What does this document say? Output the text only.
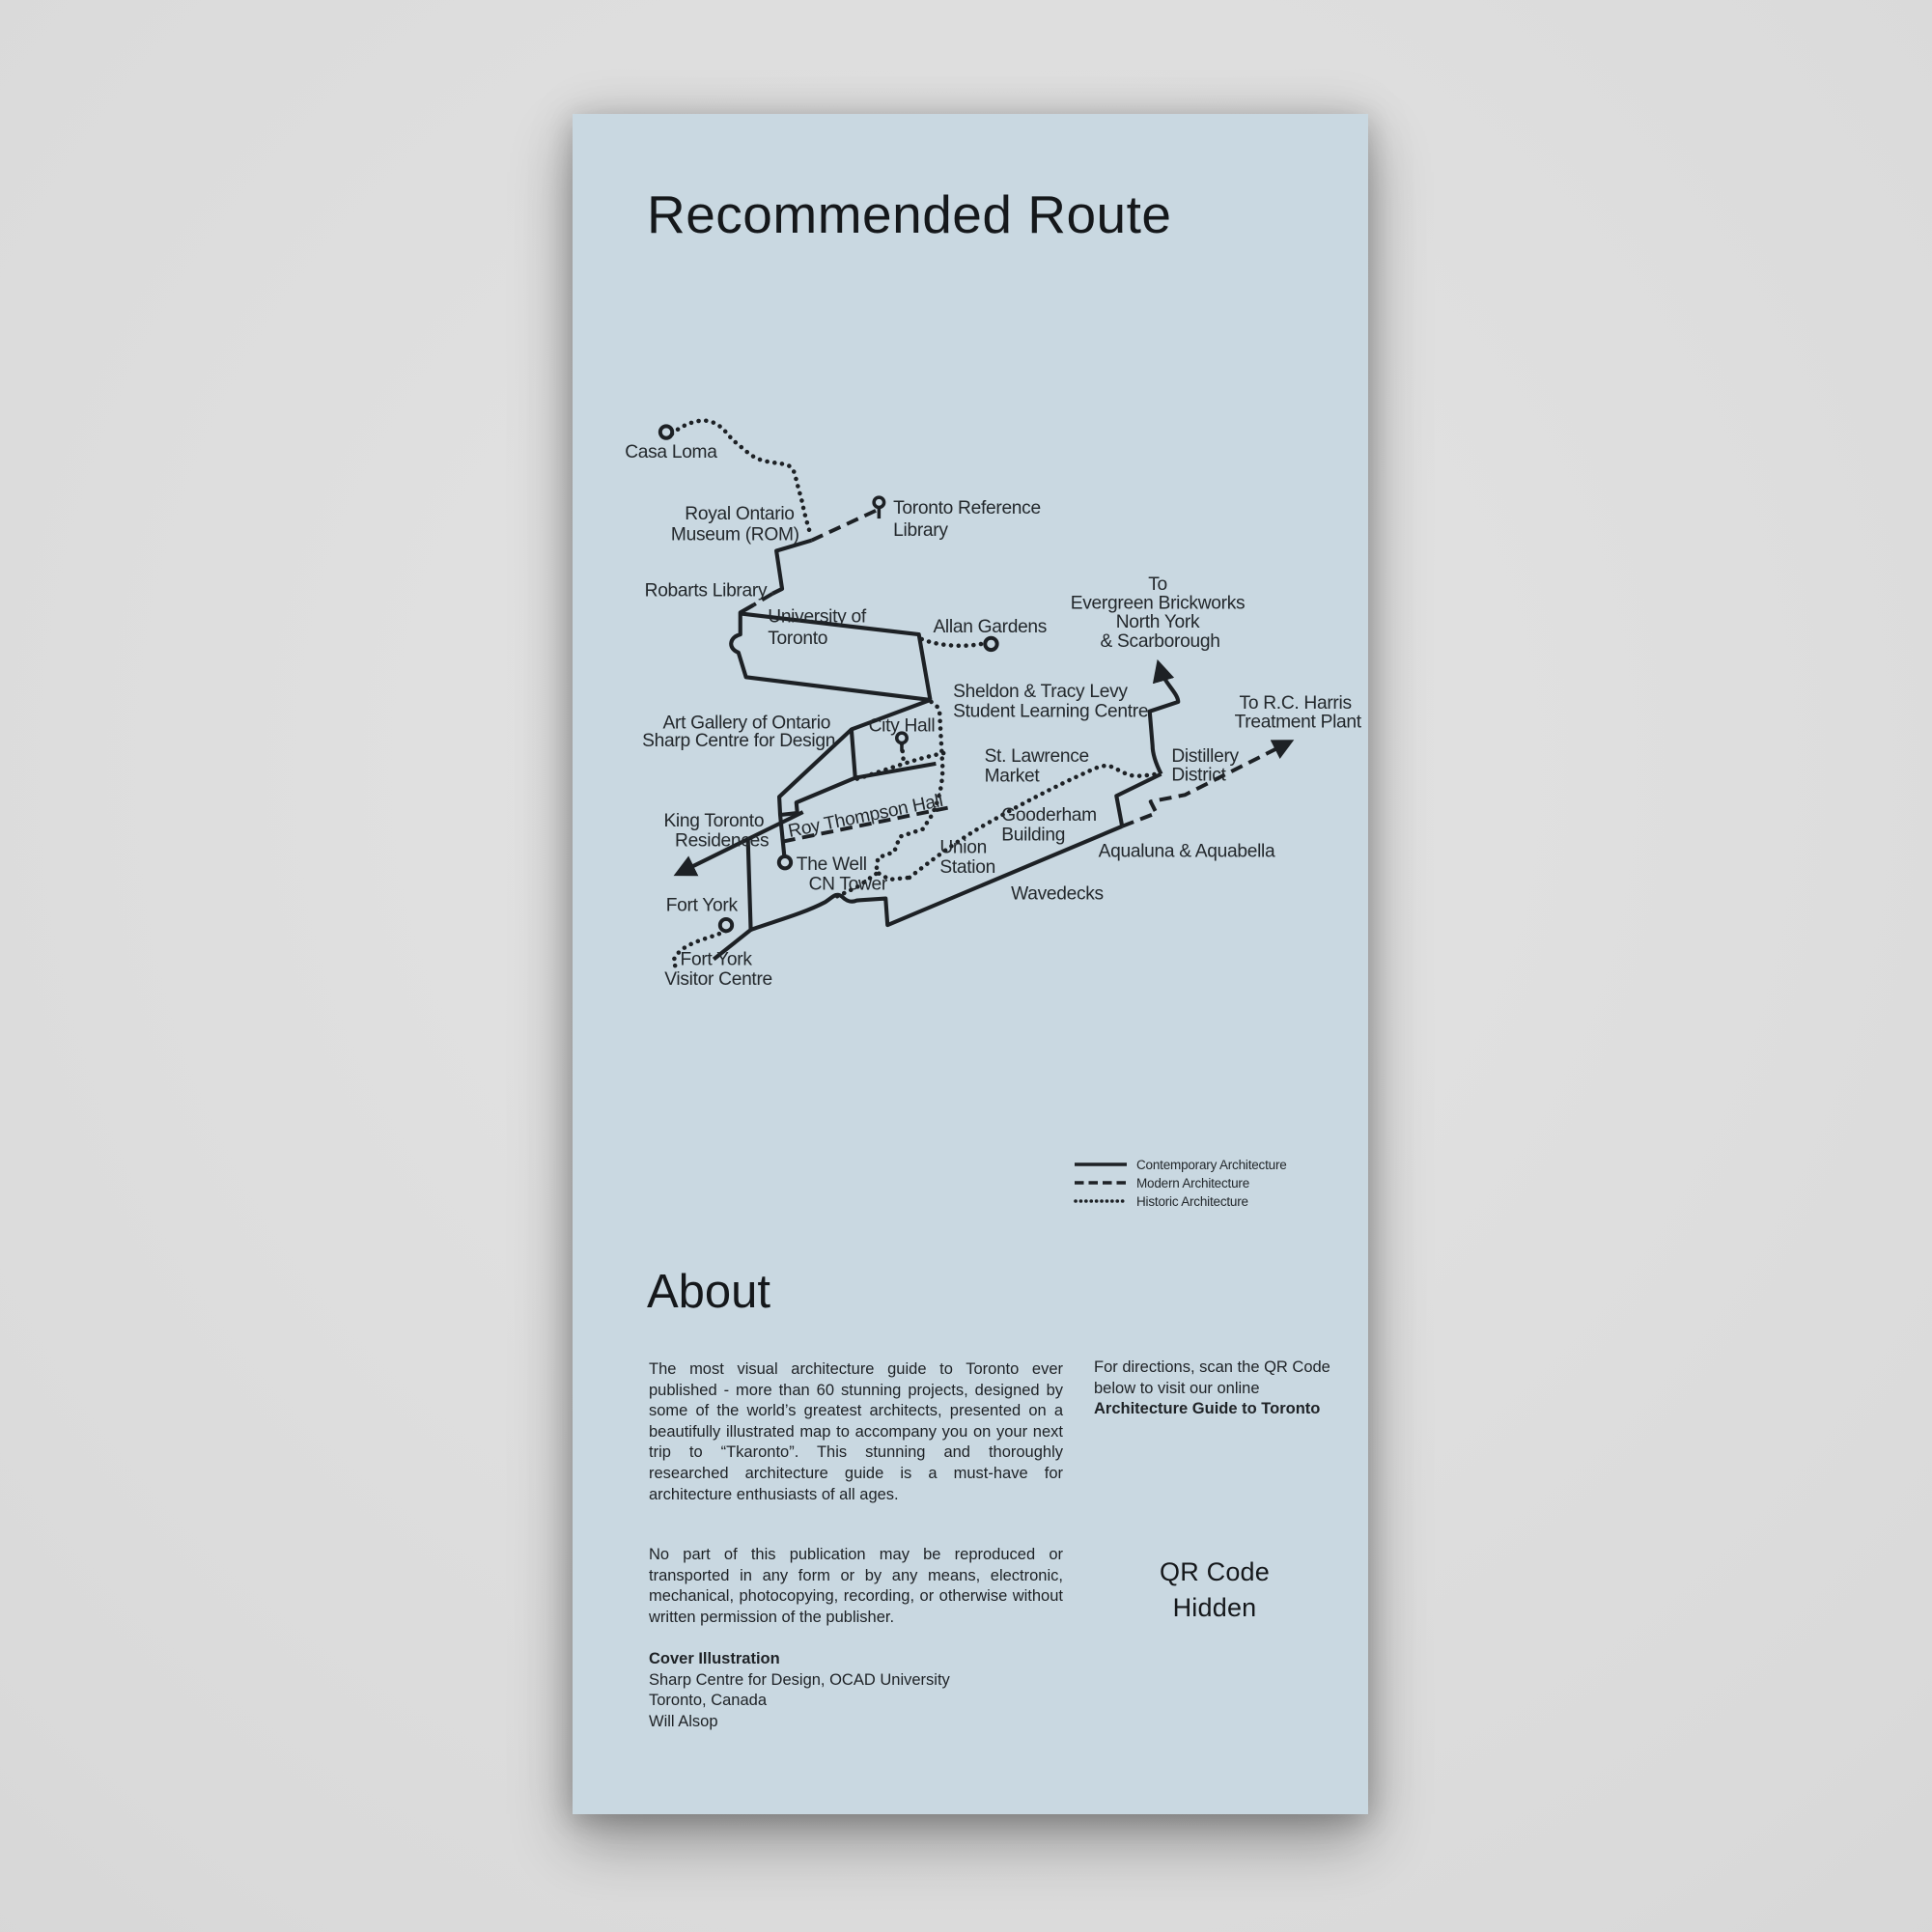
Recommended Route
Casa Loma
Royal Ontario Museum (ROM)
Toronto Reference Library
Robarts Library
University of Toronto
Allan Gardens
Sheldon & Tracy Levy Student Learning Centre
Art Gallery of Ontario Sharp Centre for Design
City Hall
St. Lawrence Market
Gooderham Building
King Toronto Residences Roy Thompson Hall
The Well
CN Tower
Union Station
Aqualuna & Aquabella
Wavedecks
Fort York
Fort York Visitor Centre
To Evergreen Brickworks North York & Scarborough
To R.C. Harris Treatment Plant
Distillery District
Contemporary Architecture
Modern Architecture
Historic Architecture
About
The most visual architecture guide to Toronto ever published - more than 60 stunning projects, designed by some of the world’s greatest architects, presented on a beautifully illustrated map to accompany you on your next trip to “Tkaronto”. This stunning and thoroughly researched architecture guide is a must-have for architecture enthusiasts of all ages.
No part of this publication may be reproduced or transported in any form or by any means, electronic, mechanical, photocopying, recording, or otherwise without written permission of the publisher.
Cover Illustration
Sharp Centre for Design, OCAD University
Toronto, Canada
Will Alsop
For directions, scan the QR Code below to visit our online Architecture Guide to Toronto
QR Code
Hidden
